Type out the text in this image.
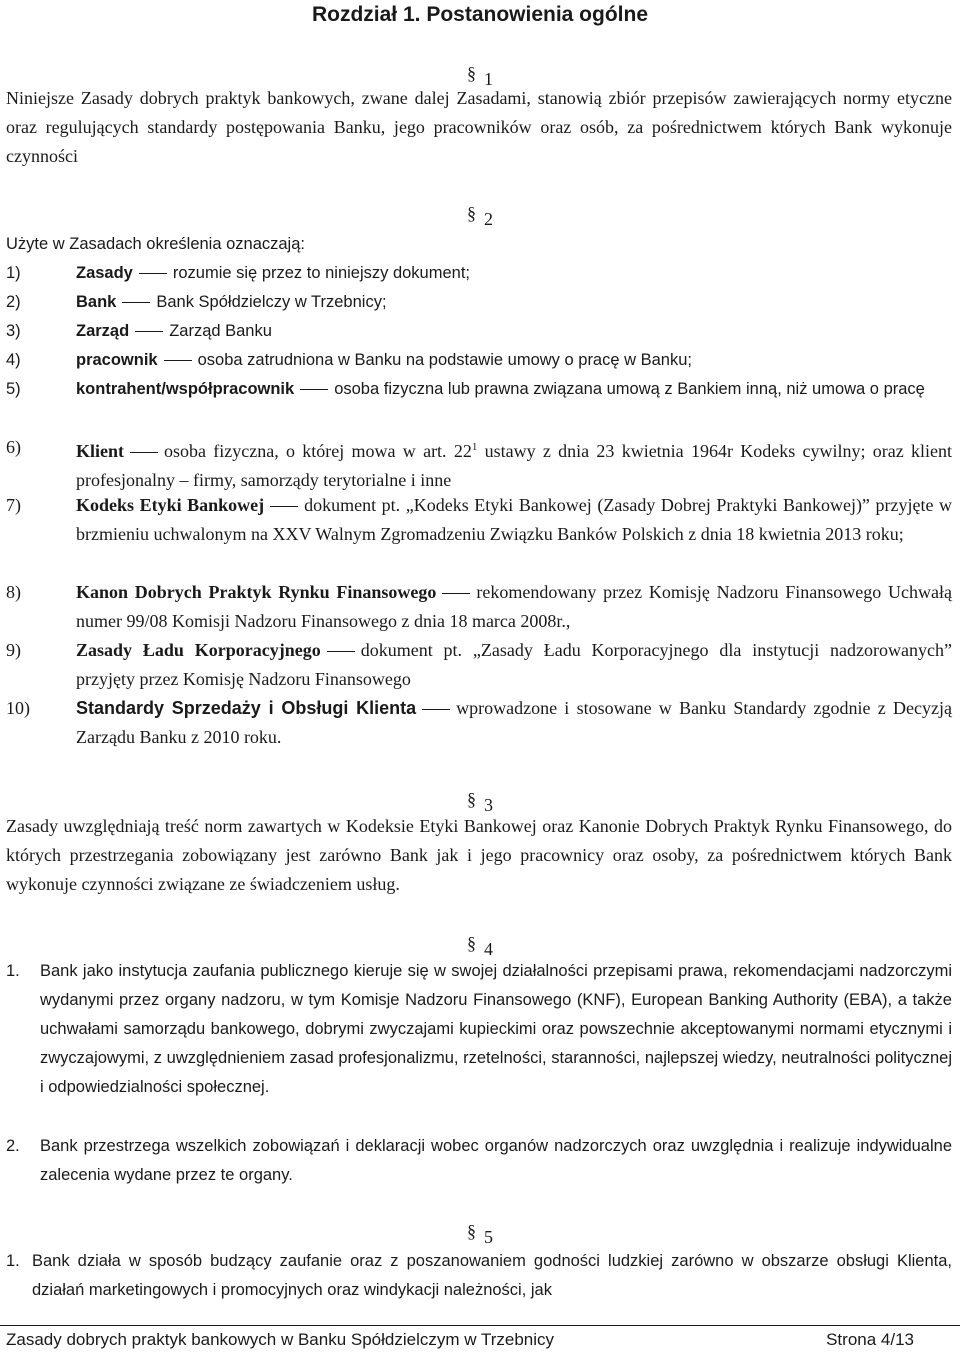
Rozdział 1. Postanowienia ogólne
§ 1
Niniejsze Zasady dobrych praktyk bankowych, zwane dalej Zasadami, stanowią zbiór przepisów zawierających normy etyczne oraz regulujących standardy postępowania Banku, jego pracowników oraz osób, za pośrednictwem których Bank wykonuje czynności
§ 2
Użyte w Zasadach określenia oznaczają:
1)	Zasady rozumie się przez to niniejszy dokument;
2)	Bank Bank Spółdzielczy w Trzebnicy;
3)	Zarząd Zarząd Banku
4)	pracownik osoba zatrudniona w Banku na podstawie umowy o pracę w Banku;
5)	kontrahent/współpracownik osoba fizyczna lub prawna związana umową z Bankiem inną, niż umowa o pracę
6)	Klient osoba fizyczna, o której mowa w art. $22^1$ ustawy z dnia 23 kwietnia 1964r Kodeks cywilny; oraz klient profesjonalny – firmy, samorządy terytorialne i inne
7)	Kodeks Etyki Bankowej dokument pt. „Kodeks Etyki Bankowej (Zasady Dobrej Praktyki Bankowej)” przyjęte w brzmieniu uchwalonym na XXV Walnym Zgromadzeniu Związku Banków Polskich z dnia 18 kwietnia 2013 roku;
8)	Kanon Dobrych Praktyk Rynku Finansowego rekomendowany przez Komisję Nadzoru Finansowego Uchwałą numer 99/08 Komisji Nadzoru Finansowego z dnia 18 marca 2008r.,
9)	Zasady Ładu Korporacyjnego dokument pt. „Zasady Ładu Korporacyjnego dla instytucji nadzorowanych” przyjęty przez Komisję Nadzoru Finansowego
10)	Standardy Sprzedaży i Obsługi Klienta wprowadzone i stosowane w Banku Standardy zgodnie z Decyzją Zarządu Banku z 2010 roku.
§ 3
Zasady uwzględniają treść norm zawartych w Kodeksie Etyki Bankowej oraz Kanonie Dobrych Praktyk Rynku Finansowego, do których przestrzegania zobowiązany jest zarówno Bank jak i jego pracownicy oraz osoby, za pośrednictwem których Bank wykonuje czynności związane ze świadczeniem usług.
§ 4
1. Bank jako instytucja zaufania publicznego kieruje się w swojej działalności przepisami prawa, rekomendacjami nadzorczymi wydanymi przez organy nadzoru, w tym Komisje Nadzoru Finansowego (KNF), European Banking Authority (EBA), a także uchwałami samorządu bankowego, dobrymi zwyczajami kupieckimi oraz powszechnie akceptowanymi normami etycznymi i zwyczajowymi, z uwzględnieniem zasad profesjonalizmu, rzetelności, staranności, najlepszej wiedzy, neutralności politycznej i odpowiedzialności społecznej.
2. Bank przestrzega wszelkich zobowiązań i deklaracji wobec organów nadzorczych oraz uwzględnia i realizuje indywidualne zalecenia wydane przez te organy.
§ 5
1. Bank działa w sposób budzący zaufanie oraz z poszanowaniem godności ludzkiej zarówno w obszarze obsługi Klienta, działań marketingowych i promocyjnych oraz windykacji należności, jak
Zasady dobrych praktyk bankowych w Banku Spółdzielczym w Trzebnicy	Strona 4/13
